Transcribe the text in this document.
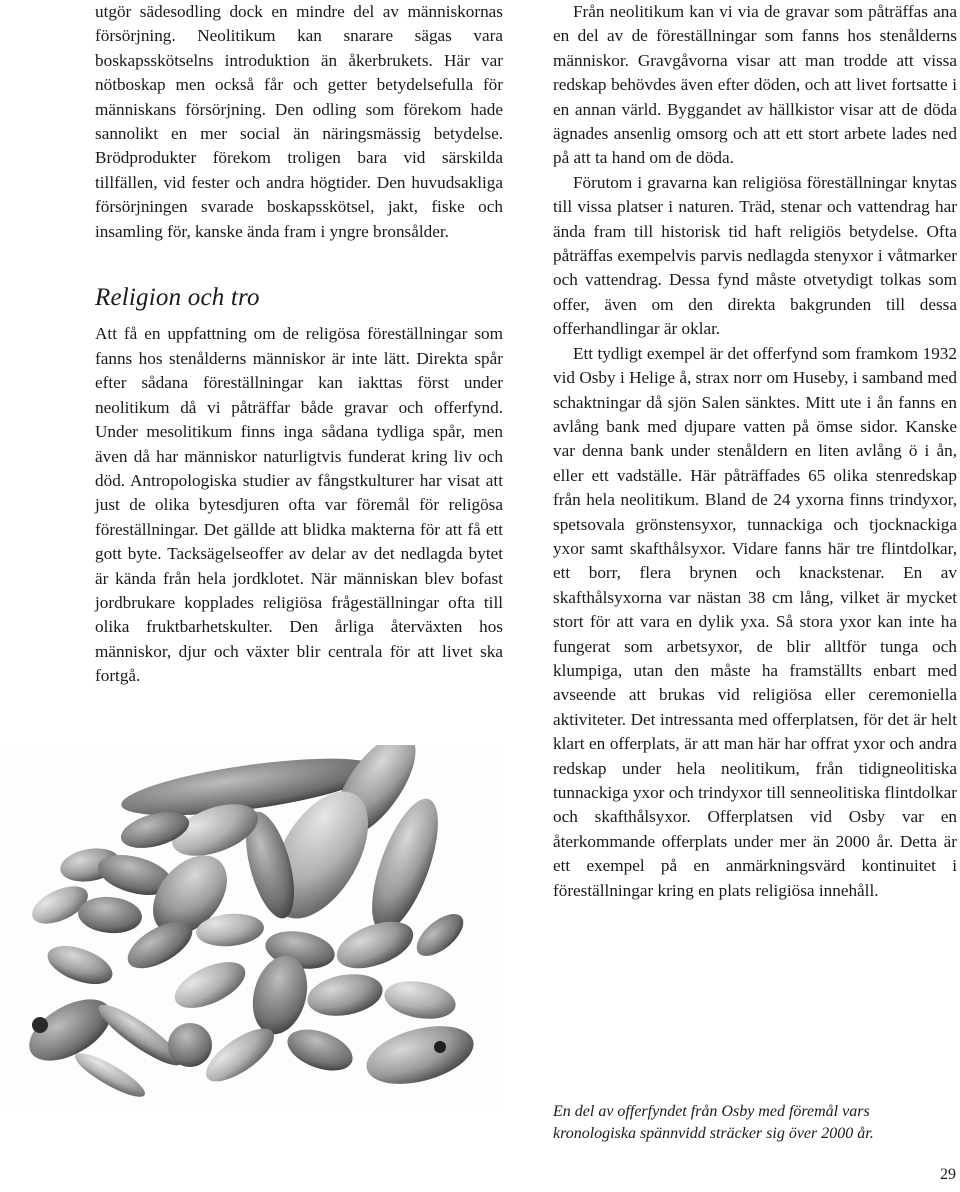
utgör sädesodling dock en mindre del av människornas försörjning. Neolitikum kan snarare sägas vara boskapsskötselns introduktion än åkerbrukets. Här var nötboskap men också får och getter betydelsefulla för människans försörjning. Den odling som förekom hade sannolikt en mer social än näringsmässig betydelse. Brödprodukter förekom troligen bara vid särskilda tillfällen, vid fester och andra högtider. Den huvudsakliga försörjningen svarade boskapsskötsel, jakt, fiske och insamling för, kanske ända fram i yngre bronsålder.

Religion och tro

Att få en uppfattning om de religösa föreställningar som fanns hos stenålderns människor är inte lätt. Direkta spår efter sådana föreställningar kan iakttas först under neolitikum då vi påträffar både gravar och offerfynd. Under mesolitikum finns inga sådana tydliga spår, men även då har människor naturligtvis funderat kring liv och död. Antropologiska studier av fångstkulturer har visat att just de olika bytesdjuren ofta var föremål för religösa föreställningar. Det gällde att blidka makterna för att få ett gott byte. Tacksägelseoffer av delar av det nedlagda bytet är kända från hela jordklotet. När människan blev bofast jordbrukare kopplades religiösa frågeställningar ofta till olika fruktbarhetskulter. Den årliga återväxten hos människor, djur och växter blir centrala för att livet ska fortgå.

Från neolitikum kan vi via de gravar som påträffas ana en del av de föreställningar som fanns hos stenålderns människor. Gravgåvorna visar att man trodde att vissa redskap behövdes även efter döden, och att livet fortsatte i en annan värld. Byggandet av hällkistor visar att de döda ägnades ansenlig omsorg och att ett stort arbete lades ned på att ta hand om de döda.

Förutom i gravarna kan religiösa föreställningar knytas till vissa platser i naturen. Träd, stenar och vattendrag har ända fram till historisk tid haft religiös betydelse. Ofta påträffas exempelvis parvis nedlagda stenyxor i våtmarker och vattendrag. Dessa fynd måste otvetydigt tolkas som offer, även om den direkta bakgrunden till dessa offerhandlingar är oklar.

Ett tydligt exempel är det offerfynd som framkom 1932 vid Osby i Helige å, strax norr om Huseby, i samband med schaktningar då sjön Salen sänktes. Mitt ute i ån fanns en avlång bank med djupare vatten på ömse sidor. Kanske var denna bank under stenåldern en liten avlång ö i ån, eller ett vadställe. Här påträffades 65 olika stenredskap från hela neolitikum. Bland de 24 yxorna finns trindyxor, spetsovala grönstensyxor, tunnackiga och tjocknackiga yxor samt skafthålsyxor. Vidare fanns här tre flintdolkar, ett borr, flera brynen och knackstenar. En av skafthålsyxorna var nästan 38 cm lång, vilket är mycket stort för att vara en dylik yxa. Så stora yxor kan inte ha fungerat som arbetsyxor, de blir alltför tunga och klumpiga, utan den måste ha framställts enbart med avseende att brukas vid religiösa eller ceremoniella aktiviteter. Det intressanta med offerplatsen, för det är helt klart en offerplats, är att man här har offrat yxor och andra redskap under hela neolitikum, från tidigneolitiska tunnackiga yxor och trindyxor till senneolitiska flintdolkar och skafthålsyxor. Offerplatsen vid Osby var en återkommande offerplats under mer än 2000 år. Detta är ett exempel på en anmärkningsvärd kontinuitet i föreställningar kring en plats religiösa innehåll.

En del av offerfyndet från Osby med föremål vars kronologiska spännvidd sträcker sig över 2000 år.

29
